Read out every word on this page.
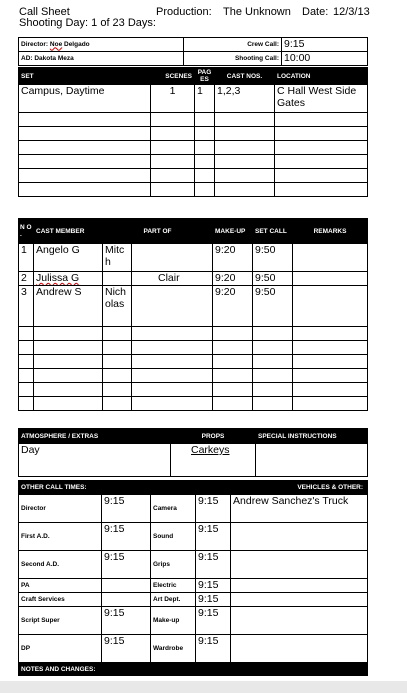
Call Sheet	Production: The Unknown Date: 12/3/13
Shooting Day: 1 of 23 Days:
Director: Noe Delgado	Crew Call:	9:15
AD: Dakota Meza	Shooting Call:	10:00
SET	SCENES	PAG ES	CAST NOS.	LOCATION
Campus, Daytime	1	1	1,2,3	C Hall West Side Gates

N O .	CAST MEMBER	PART OF		MAKE-UP	SET CALL	REMARKS
1	Angelo G	Mitch		9:20	9:50	
2	Julissa G		Clair	9:20	9:50	
3	Andrew S	Nicholas		9:20	9:50	

ATMOSPHERE / EXTRAS	PROPS	SPECIAL INSTRUCTIONS
Day	Carkeys	
OTHER CALL TIMES:				VEHICLES & OTHER:
Director	9:15	Camera	9:15	Andrew Sanchez's Truck
First A.D.	9:15	Sound	9:15	
Second A.D.	9:15	Grips	9:15	
PA		Electric	9:15	
Craft Services		Art Dept.	9:15	
Script Super	9:15	Make-up	9:15	
DP	9:15	Wardrobe	9:15	
NOTES AND CHANGES:				
